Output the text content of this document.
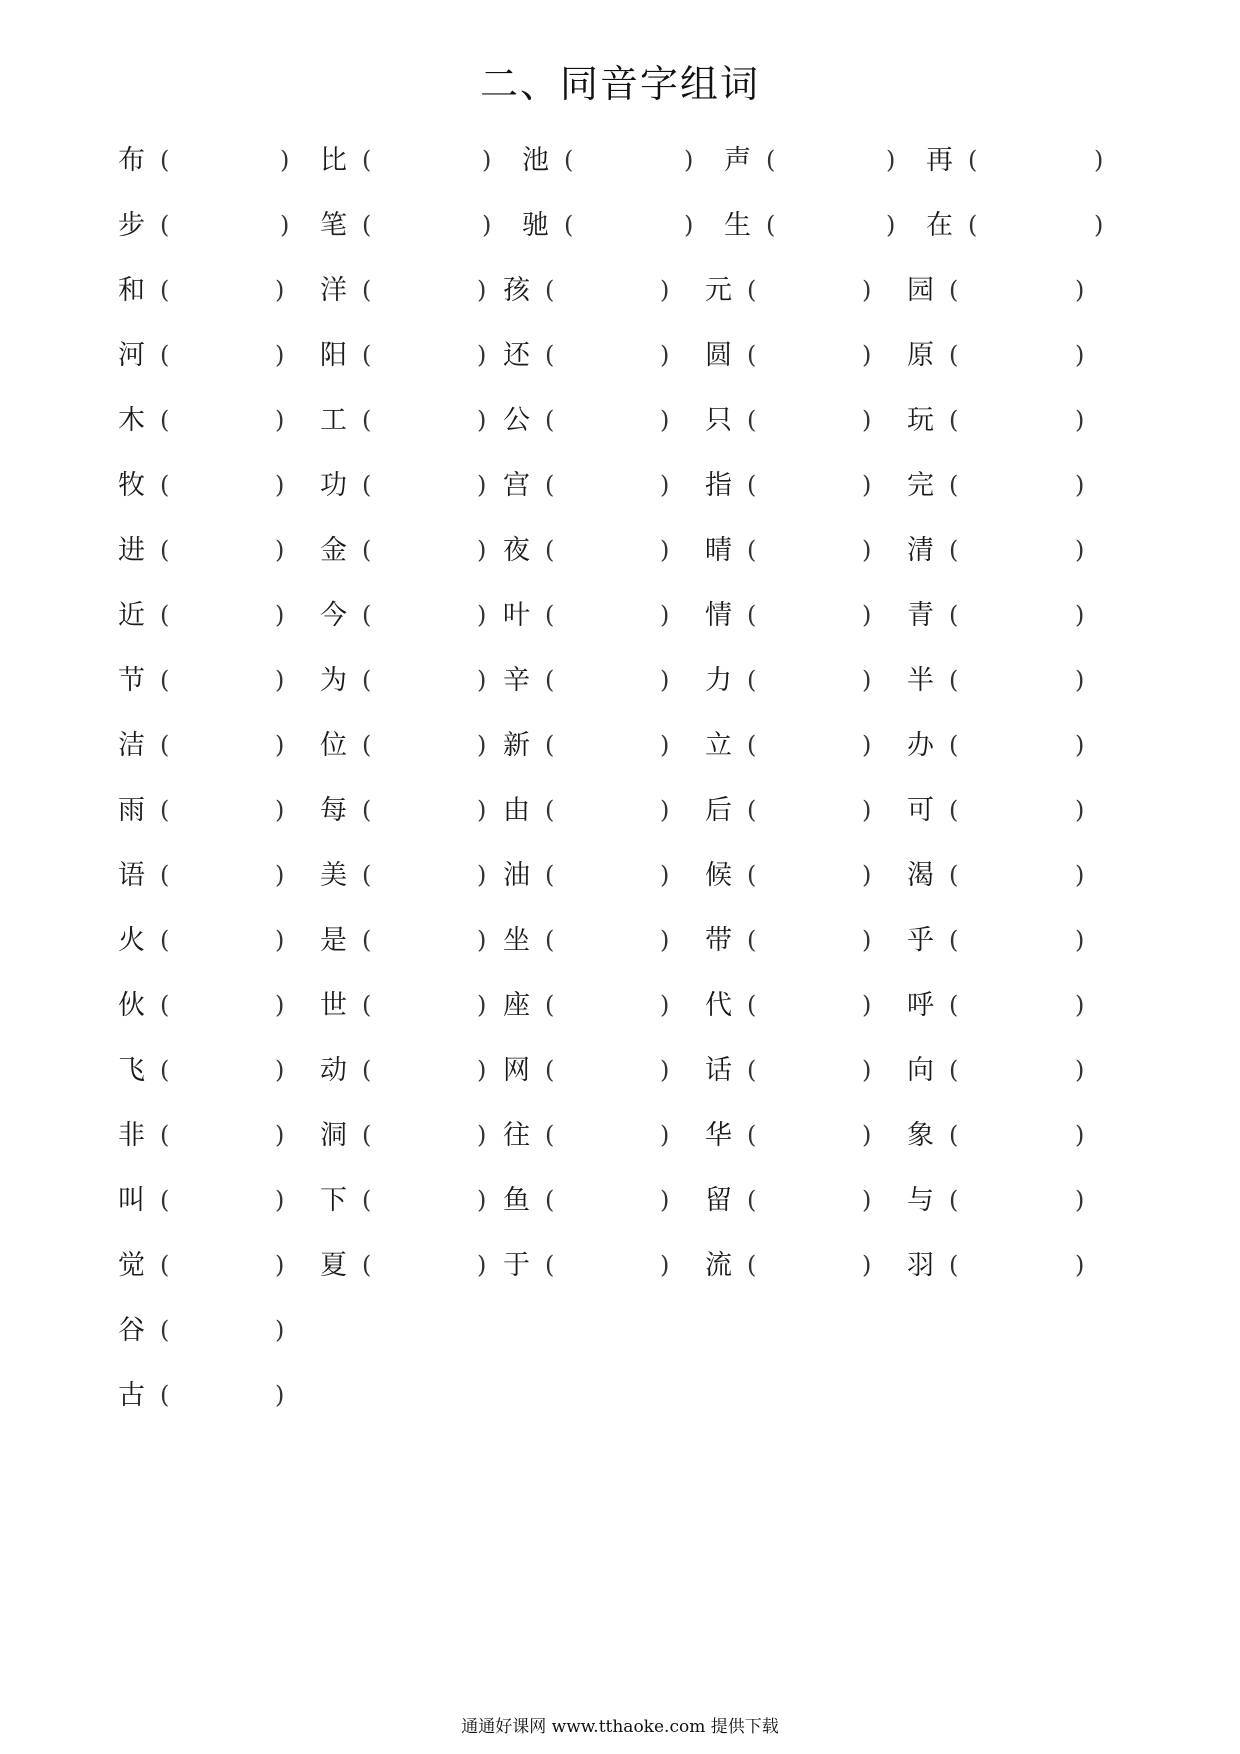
二、同音字组词
布 (	) 比 (	) 池 (	) 声 (	) 再 (	)
步 (	) 笔 (	) 驰 (	) 生 (	) 在 (	)
和 (	) 洋 (	) 孩 (	) 元 (	) 园 (	)
河 (	) 阳 (	) 还 (	) 圆 (	) 原 (	)
木 (	) 工 (	) 公 (	) 只 (	) 玩 (	)
牧 (	) 功 (	) 宫 (	) 指 (	) 完 (	)
进 (	) 金 (	) 夜 (	) 晴 (	) 清 (	)
近 (	) 今 (	) 叶 (	) 情 (	) 青 (	)
节 (	) 为 (	) 辛 (	) 力 (	) 半 (	)
洁 (	) 位 (	) 新 (	) 立 (	) 办 (	)
雨 (	) 每 (	) 由 (	) 后 (	) 可 (	)
语 (	) 美 (	) 油 (	) 候 (	) 渴 (	)
火 (	) 是 (	) 坐 (	) 带 (	) 乎 (	)
伙 (	) 世 (	) 座 (	) 代 (	) 呼 (	)
飞 (	) 动 (	) 网 (	) 话 (	) 向 (	)
非 (	) 洞 (	) 往 (	) 华 (	) 象 (	)
叫 (	) 下 (	) 鱼 (	) 留 (	) 与 (	)
觉 (	) 夏 (	) 于 (	) 流 (	) 羽 (	)
谷 (	)
古 (	)
通通好课网 www.tthaoke.com 提供下载
